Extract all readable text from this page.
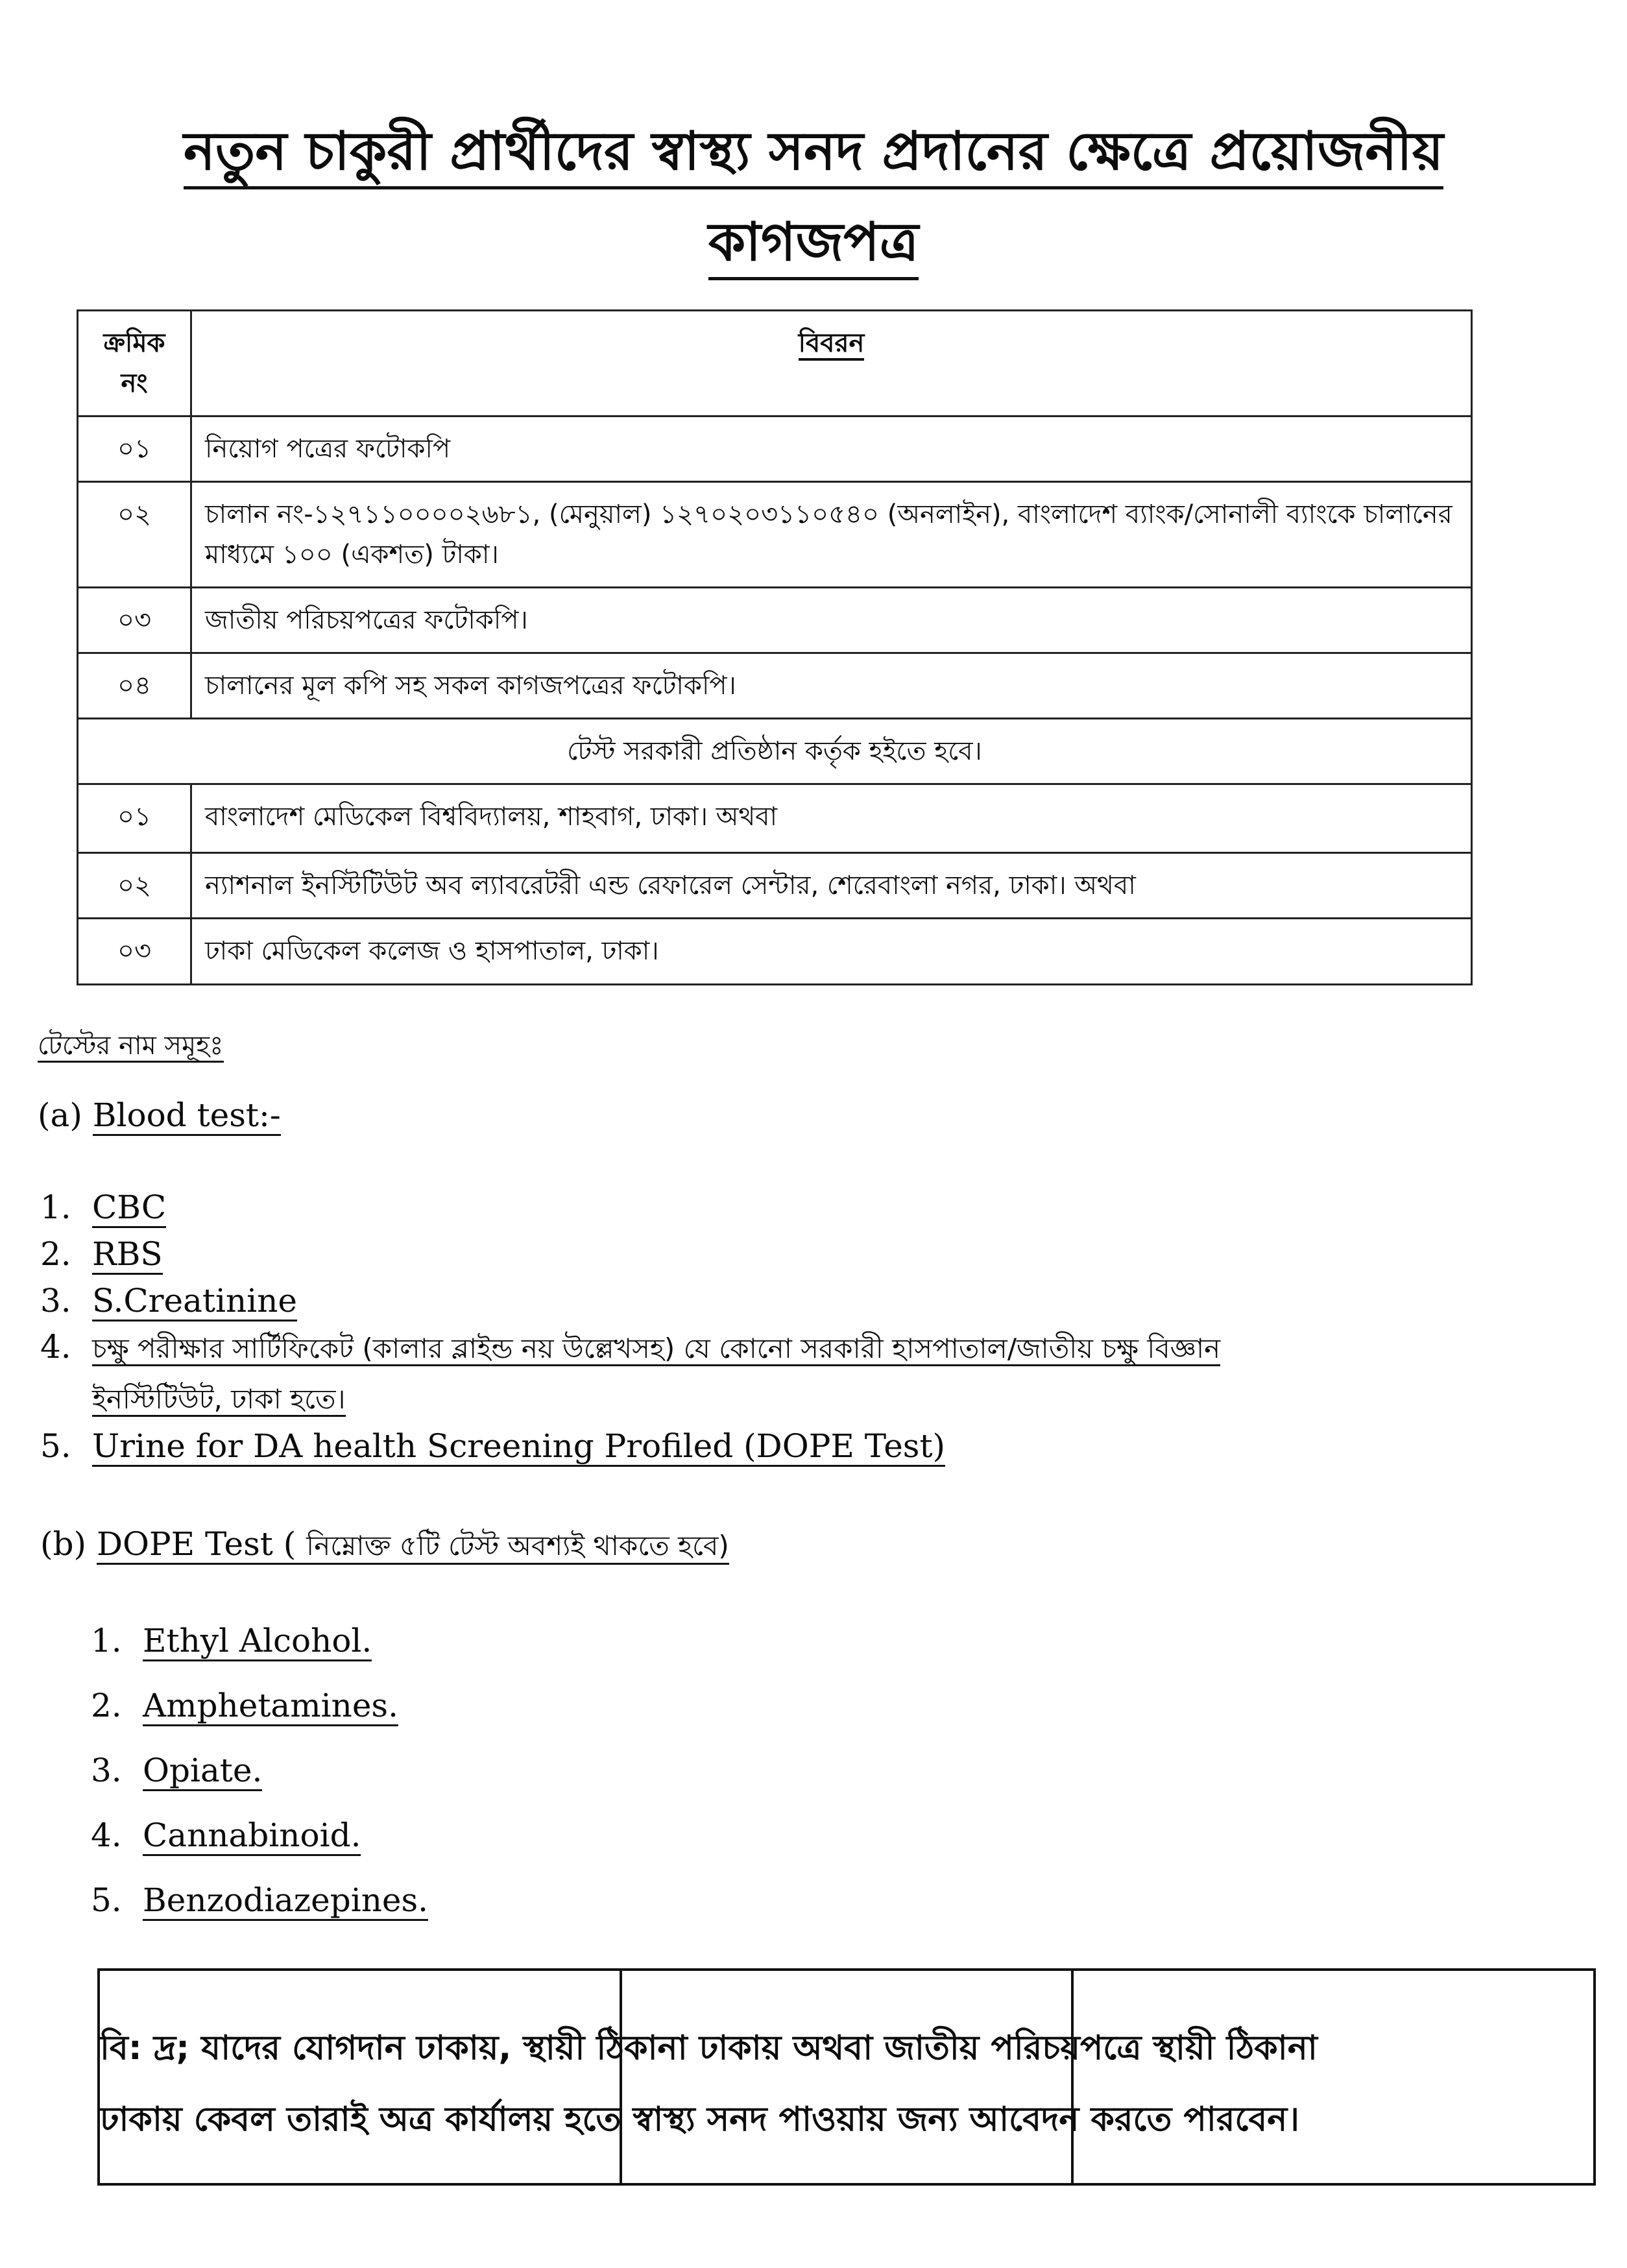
নতুন চাকুরী প্রার্থীদের স্বাস্থ্য সনদ প্রদানের ক্ষেত্রে প্রয়োজনীয়
কাগজপত্র
ক্রমিক নং	বিবরন
০১	নিয়োগ পত্রের ফটোকপি
০২	চালান নং-১২৭১১০০০০২৬৮১, (মেনুয়াল) ১২৭০২০৩১১০৫৪০ (অনলাইন), বাংলাদেশ ব্যাংক/সোনালী ব্যাংকে চালানের মাধ্যমে ১০০ (একশত) টাকা।
০৩	জাতীয় পরিচয়পত্রের ফটোকপি।
০৪	চালানের মূল কপি সহ সকল কাগজপত্রের ফটোকপি।
টেস্ট সরকারী প্রতিষ্ঠান কর্তৃক হইতে হবে।	
০১	বাংলাদেশ মেডিকেল বিশ্ববিদ্যালয়, শাহবাগ, ঢাকা। অথবা
০২	ন্যাশনাল ইনস্টিটিউট অব ল্যাবরেটরী এন্ড রেফারেল সেন্টার, শেরেবাংলা নগর, ঢাকা। অথবা
০৩	ঢাকা মেডিকেল কলেজ ও হাসপাতাল, ঢাকা।
টেস্টের নাম সমূহঃ
(a) Blood test:-
1. CBC
2. RBS
3. S.Creatinine
4. চক্ষু পরীক্ষার সার্টিফিকেট (কালার ব্লাইন্ড নয় উল্লেখসহ) যে কোনো সরকারী হাসপাতাল/জাতীয় চক্ষু বিজ্ঞান
ইনস্টিটিউট, ঢাকা হতে।
5. Urine for DA health Screening Profiled (DOPE Test)
(b) DOPE Test ( নিম্নোক্ত ৫টি টেস্ট অবশ্যই থাকতে হবে)
1. Ethyl Alcohol.
2. Amphetamines.
3. Opiate.
4. Cannabinoid.
5. Benzodiazepines.
বি: দ্র; যাদের যোগদান ঢাকায়, স্থায়ী ঠিকানা ঢাকায় অথবা জাতীয় পরিচয়পত্রে স্থায়ী ঠিকানা
ঢাকায় কেবল তারাই অত্র কার্যালয় হতে স্বাস্থ্য সনদ পাওয়ায় জন্য আবেদন করতে পারবেন।
